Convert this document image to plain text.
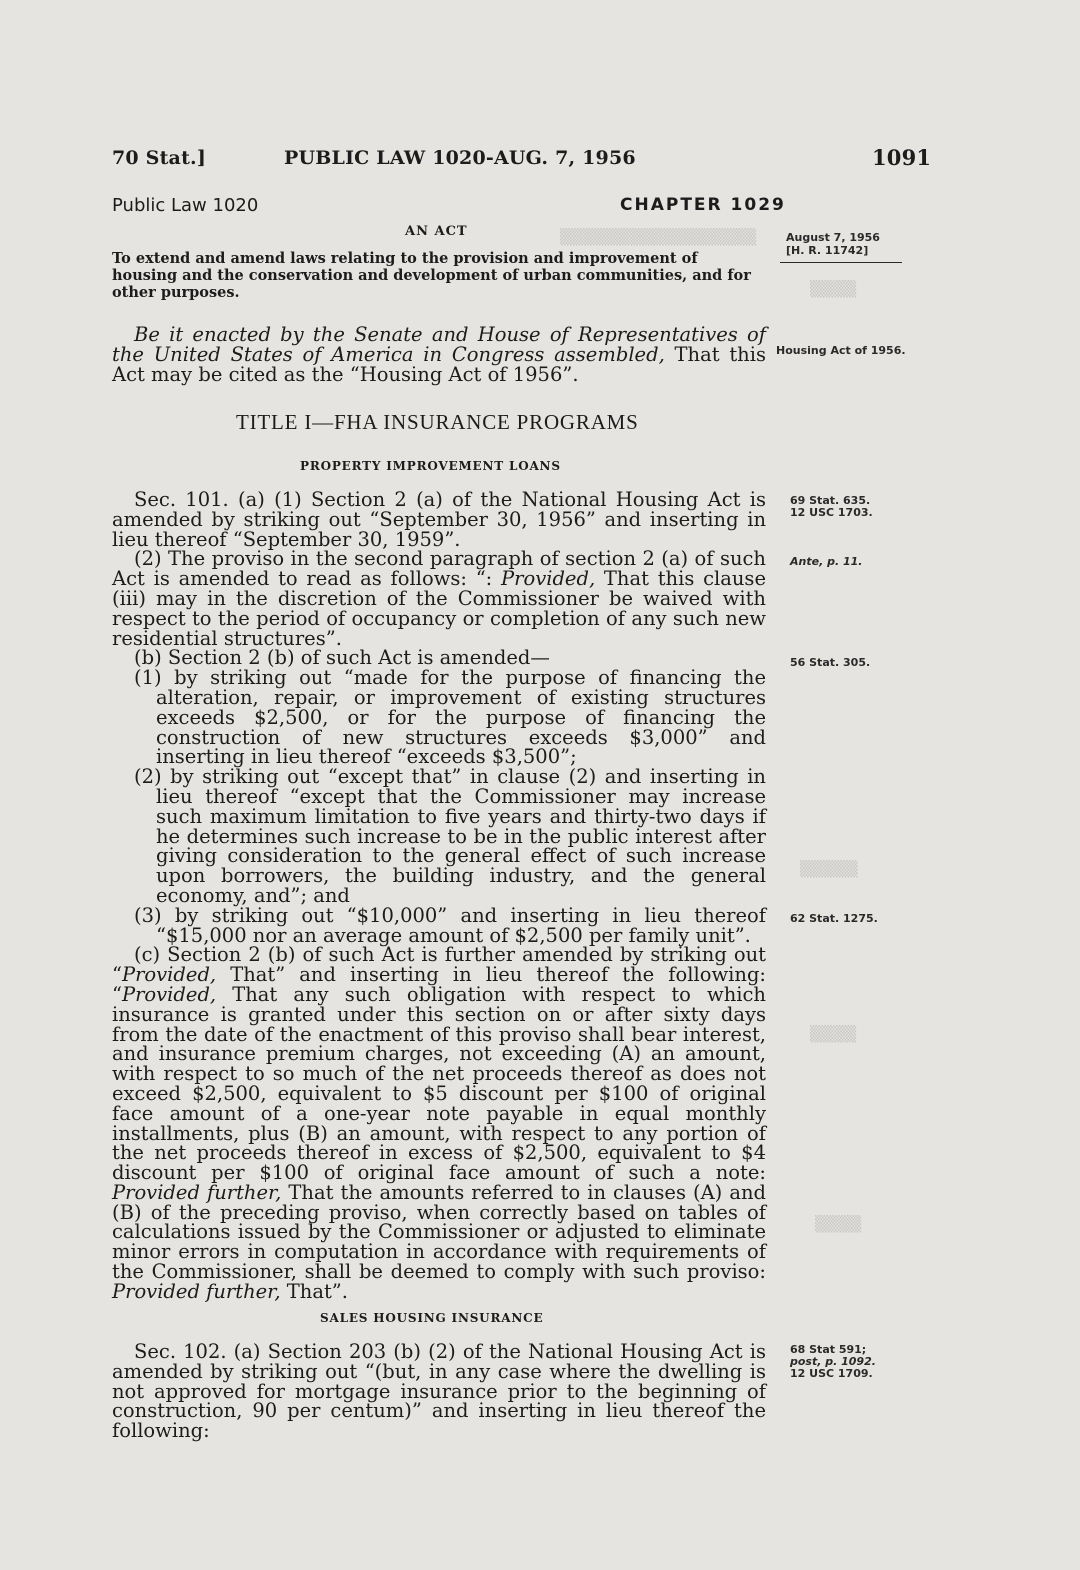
▒▒▒▒▒▒▒▒▒▒▒▒▒▒▒▒▒
▒▒▒▒
▒▒▒▒▒
▒▒▒▒
▒▒▒▒
70 Stat.]	PUBLIC LAW 1020-AUG. 7, 1956	1091
Public Law 1020	CHAPTER 1029
AN ACT
To extend and amend laws relating to the provision and improvement of housing and the conservation and development of urban communities, and for other purposes.
August 7, 1956
[H. R. 11742]
Housing Act of 1956.
69 Stat. 635.
12 USC 1703.
Ante, p. 11.
56 Stat. 305.
62 Stat. 1275.
68 Stat 591;
post, p. 1092.
12 USC 1709.

Be it enacted by the Senate and House of Representatives of the United States of America in Congress assembled, That this Act may be cited as the “Housing Act of 1956”.

TITLE I—FHA INSURANCE PROGRAMS
PROPERTY IMPROVEMENT LOANS

Sec. 101. (a) (1) Section 2 (a) of the National Housing Act is amended by striking out “September 30, 1956” and inserting in lieu thereof “September 30, 1959”.

(2) The proviso in the second paragraph of section 2 (a) of such Act is amended to read as follows: “: Provided, That this clause (iii) may in the discretion of the Commissioner be waived with respect to the period of occupancy or completion of any such new residential structures”.

(b) Section 2 (b) of such Act is amended—

(1) by striking out “made for the purpose of financing the alteration, repair, or improvement of existing structures exceeds $2,500, or for the purpose of financing the construction of new structures exceeds $3,000” and inserting in lieu thereof “exceeds $3,500”;

(2) by striking out “except that” in clause (2) and inserting in lieu thereof “except that the Commissioner may increase such maximum limitation to five years and thirty-two days if he determines such increase to be in the public interest after giving consideration to the general effect of such increase upon borrowers, the building industry, and the general economy, and”; and

(3) by striking out “$10,000” and inserting in lieu thereof “$15,000 nor an average amount of $2,500 per family unit”.

(c) Section 2 (b) of such Act is further amended by striking out “Provided, That” and inserting in lieu thereof the following: “Provided, That any such obligation with respect to which insurance is granted under this section on or after sixty days from the date of the enactment of this proviso shall bear interest, and insurance premium charges, not exceeding (A) an amount, with respect to so much of the net proceeds thereof as does not exceed $2,500, equivalent to $5 discount per $100 of original face amount of a one-year note payable in equal monthly installments, plus (B) an amount, with respect to any portion of the net proceeds thereof in excess of $2,500, equivalent to $4 discount per $100 of original face amount of such a note: Provided further, That the amounts referred to in clauses (A) and (B) of the preceding proviso, when correctly based on tables of calculations issued by the Commissioner or adjusted to eliminate minor errors in computation in accordance with requirements of the Commissioner, shall be deemed to comply with such proviso: Provided further, That”.

SALES HOUSING INSURANCE

Sec. 102. (a) Section 203 (b) (2) of the National Housing Act is amended by striking out “(but, in any case where the dwelling is not approved for mortgage insurance prior to the beginning of construction, 90 per centum)” and inserting in lieu thereof the following:
